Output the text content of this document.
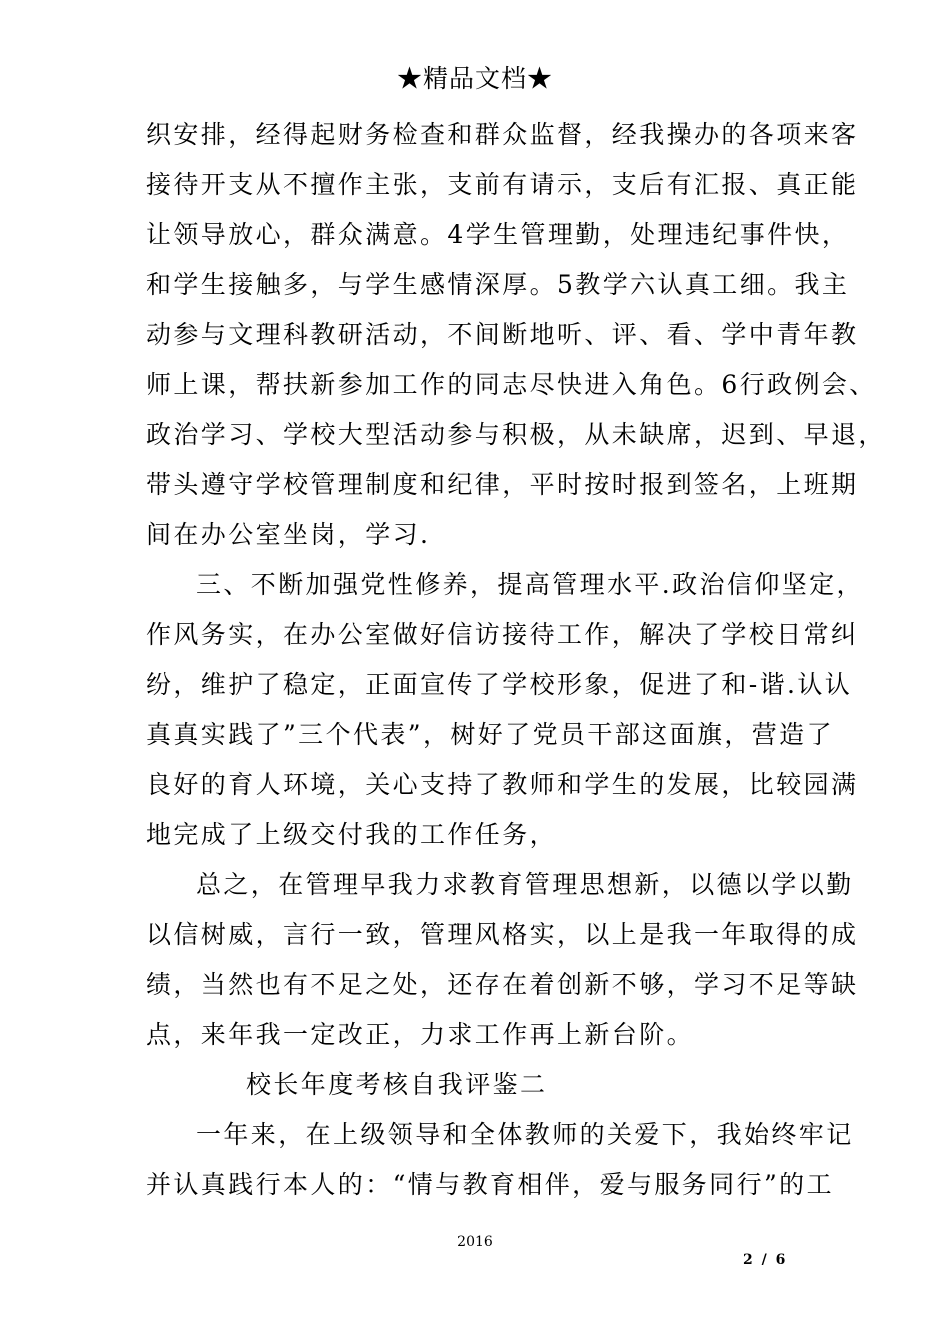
★精品文档★
织安排，经得起财务检查和群众监督，经我操办的各项来客
接待开支从不擅作主张，支前有请示，支后有汇报、真正能
让领导放心，群众满意。4学生管理勤，处理违纪事件快，
和学生接触多，与学生感情深厚。5教学六认真工细。我主
动参与文理科教研活动，不间断地听、评、看、学中青年教
师上课，帮扶新参加工作的同志尽快进入角色。6行政例会、
政治学习、学校大型活动参与积极，从未缺席，迟到、早退，
带头遵守学校管理制度和纪律，平时按时报到签名，上班期
间在办公室坐岗，学习.
三、不断加强党性修养，提高管理水平.政治信仰坚定，
作风务实，在办公室做好信访接待工作，解决了学校日常纠
纷，维护了稳定，正面宣传了学校形象，促进了和-谐.认认
真真实践了”三个代表”，树好了党员干部这面旗，营造了
良好的育人环境，关心支持了教师和学生的发展，比较园满
地完成了上级交付我的工作任务，
总之，在管理早我力求教育管理思想新，以德以学以勤
以信树威，言行一致，管理风格实，以上是我一年取得的成
绩，当然也有不足之处，还存在着创新不够，学习不足等缺
点，来年我一定改正，力求工作再上新台阶。
校长年度考核自我评鉴二
一年来，在上级领导和全体教师的关爱下，我始终牢记
并认真践行本人的：“情与教育相伴，爱与服务同行”的工
2016
2 / 6
